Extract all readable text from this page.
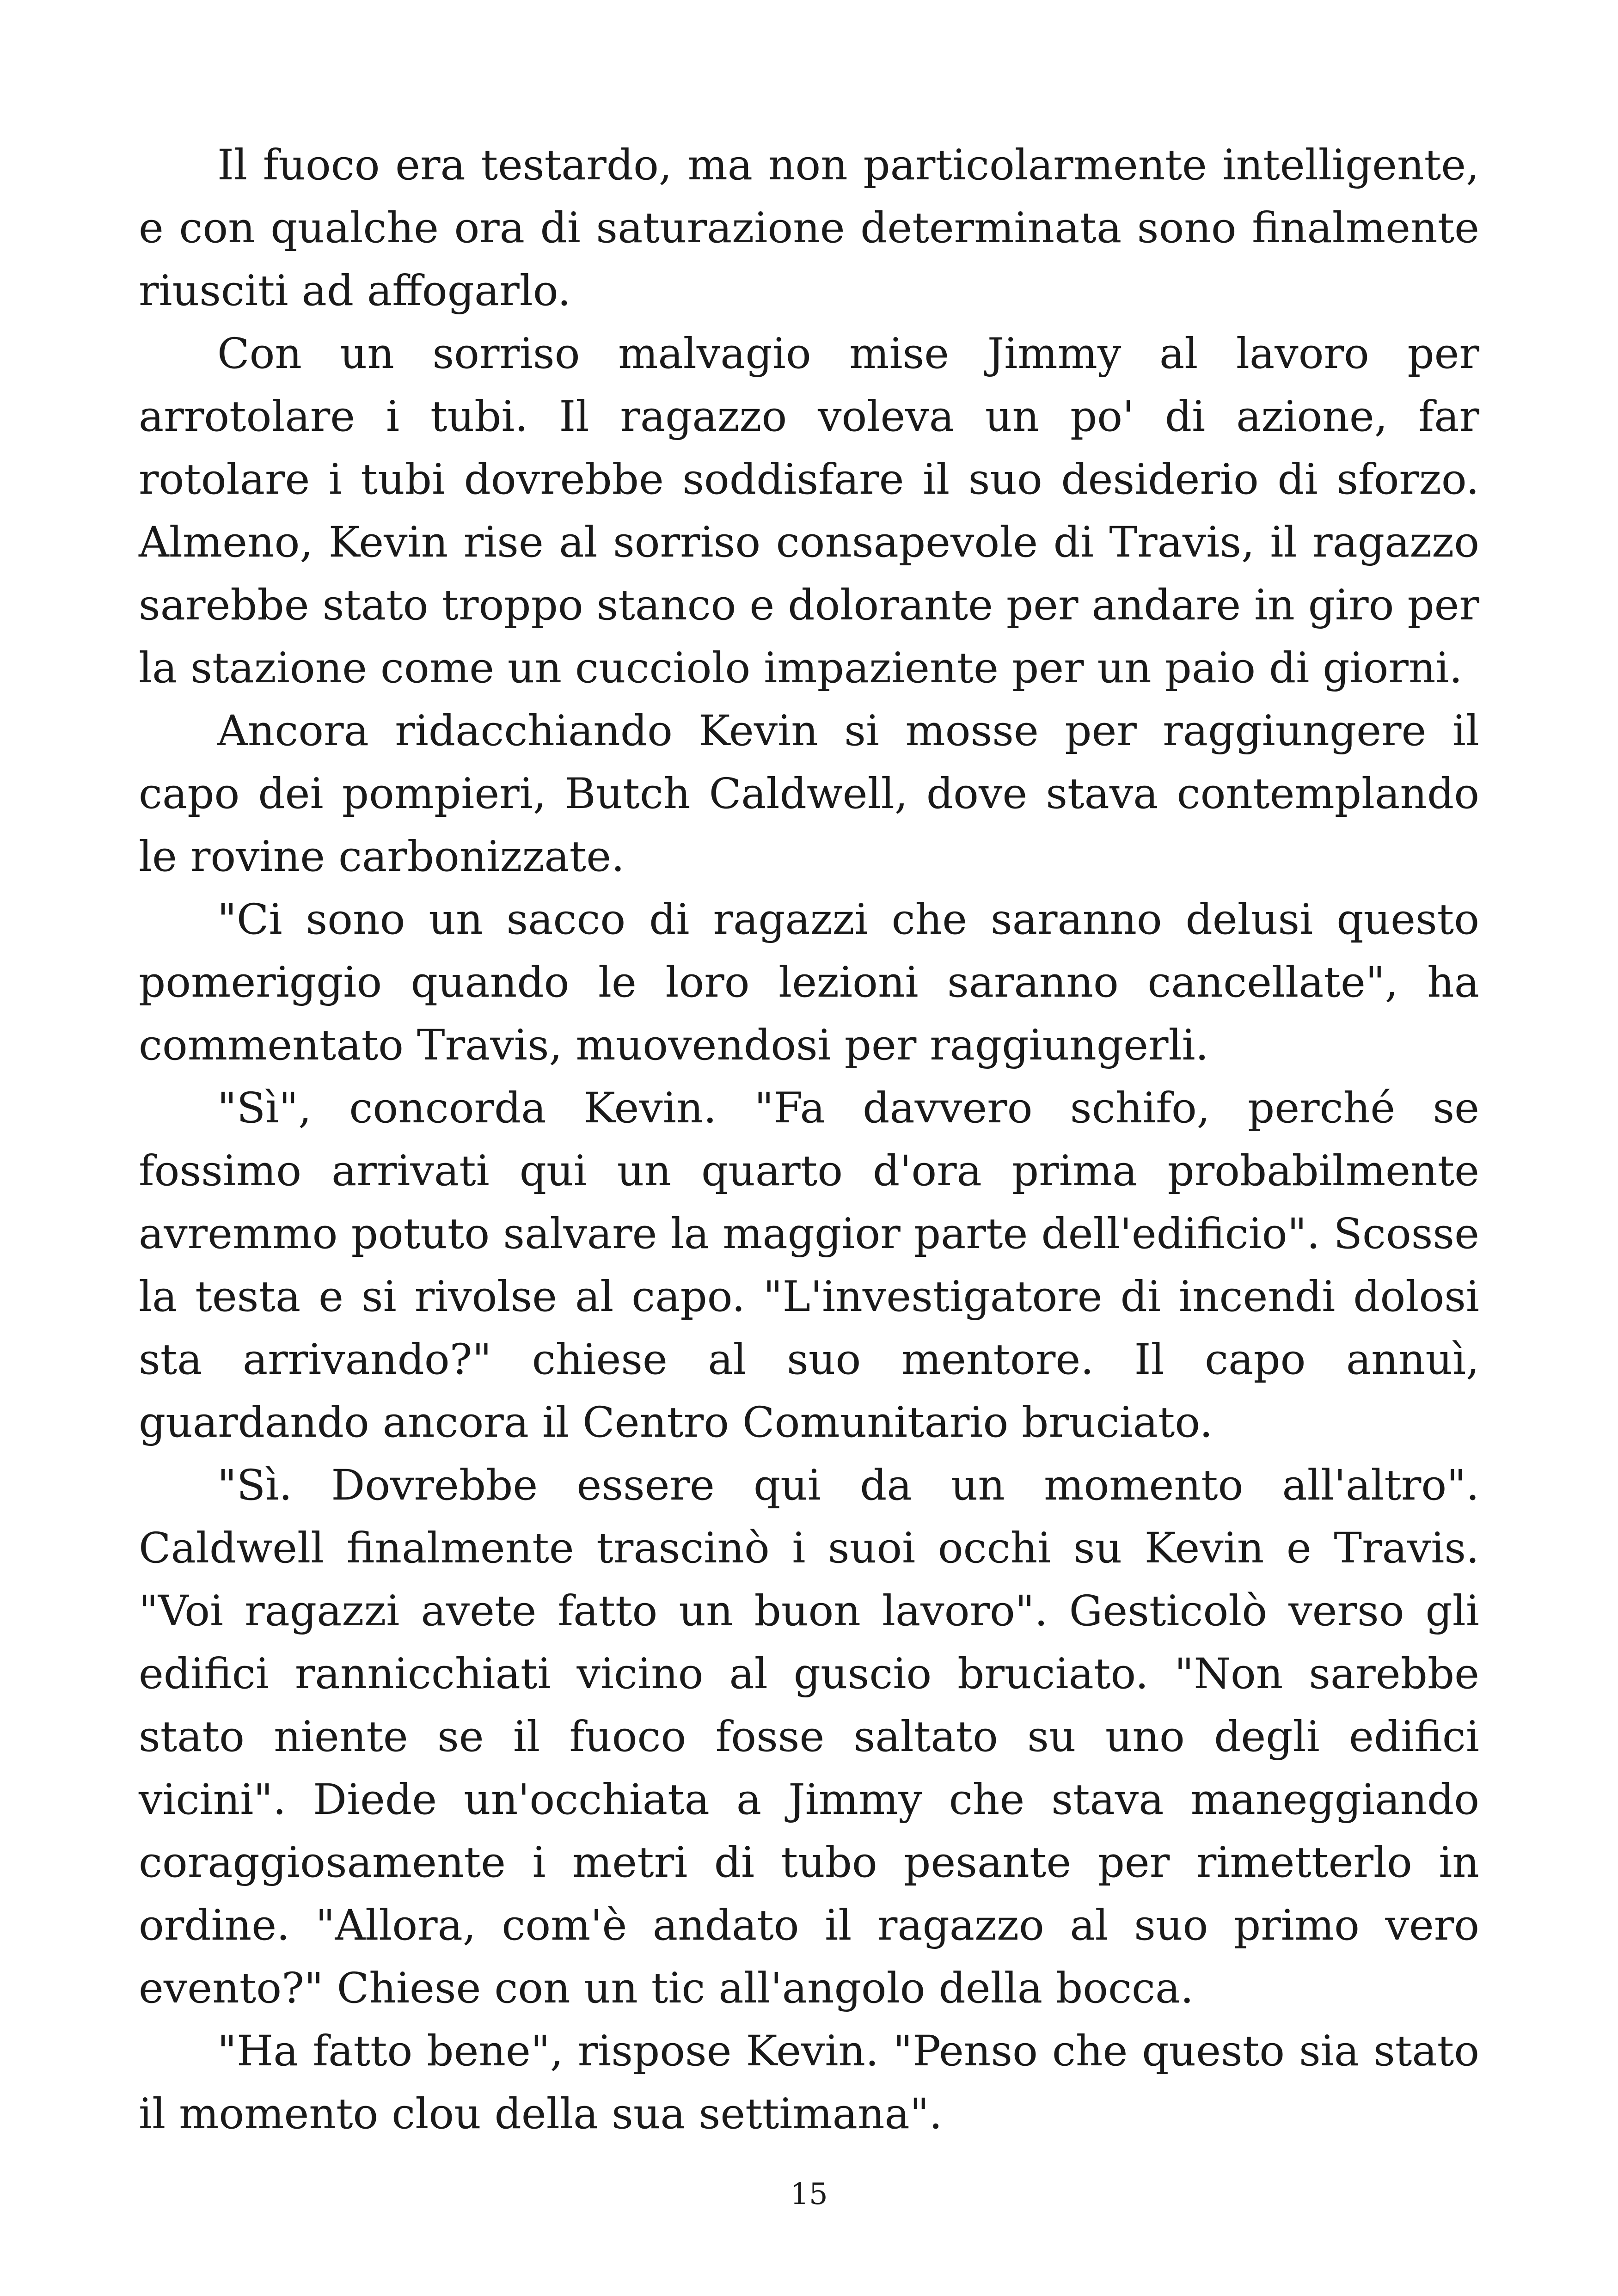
Il fuoco era testardo, ma non particolarmente intelligente, e con qualche ora di saturazione determinata sono finalmente riusciti ad affogarlo.

Con un sorriso malvagio mise Jimmy al lavoro per arrotolare i tubi. Il ragazzo voleva un po' di azione, far rotolare i tubi dovrebbe soddisfare il suo desiderio di sforzo. Almeno, Kevin rise al sorriso consapevole di Travis, il ragazzo sarebbe stato troppo stanco e dolorante per andare in giro per la stazione come un cucciolo impaziente per un paio di giorni.

Ancora ridacchiando Kevin si mosse per raggiungere il capo dei pompieri, Butch Caldwell, dove stava contemplando le rovine carbonizzate.

"Ci sono un sacco di ragazzi che saranno delusi questo pomeriggio quando le loro lezioni saranno cancellate", ha commentato Travis, muovendosi per raggiungerli.

"Sì", concorda Kevin. "Fa davvero schifo, perché se fossimo arrivati qui un quarto d'ora prima probabilmente avremmo potuto salvare la maggior parte dell'edificio". Scosse la testa e si rivolse al capo. "L'investigatore di incendi dolosi sta arrivando?" chiese al suo mentore. Il capo annuì, guardando ancora il Centro Comunitario bruciato.

"Sì. Dovrebbe essere qui da un momento all'altro". Caldwell finalmente trascinò i suoi occhi su Kevin e Travis. "Voi ragazzi avete fatto un buon lavoro". Gesticolò verso gli edifici rannicchiati vicino al guscio bruciato. "Non sarebbe stato niente se il fuoco fosse saltato su uno degli edifici vicini". Diede un'occhiata a Jimmy che stava maneggiando coraggiosamente i metri di tubo pesante per rimetterlo in ordine. "Allora, com'è andato il ragazzo al suo primo vero evento?" Chiese con un tic all'angolo della bocca.

"Ha fatto bene", rispose Kevin. "Penso che questo sia stato il momento clou della sua settimana".

15
